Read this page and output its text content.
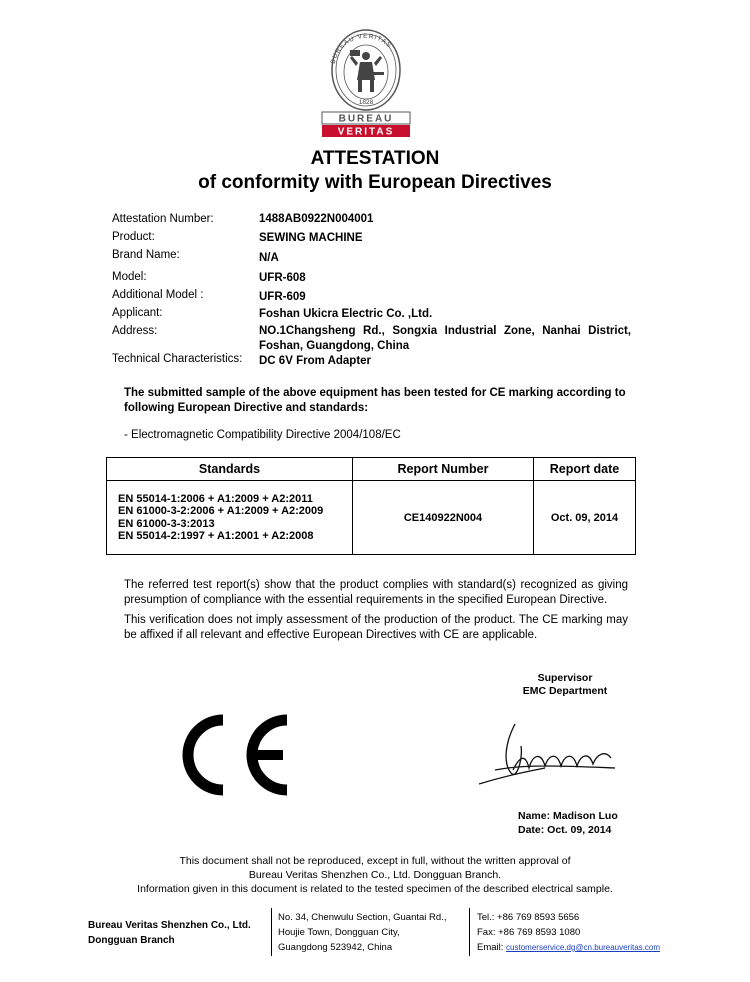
BUREAU VERITAS
1828
BUREAU
VERITAS
ATTESTATION
of conformity with European Directives
Attestation Number:	1488AB0922N004001
Product:	SEWING MACHINE
Brand Name:	N/A
Model:	UFR-608
Additional Model :	UFR-609
Applicant:	Foshan Ukicra Electric Co. ,Ltd.
Address:	NO.1Changsheng Rd., Songxia Industrial Zone, Nanhai District, Foshan, Guangdong, China
Technical Characteristics: DC 6V From Adapter
The submitted sample of the above equipment has been tested for CE marking according to following European Directive and standards:
- Electromagnetic Compatibility Directive 2004/108/EC
Standards	Report Number	Report date

EN 55014-1:2006 + A1:2009 + A2:2011
EN 61000-3-2:2006 + A1:2009 + A2:2009
EN 61000-3-3:2013
EN 55014-2:1997 + A1:2001 + A2:2008	CE140922N004	Oct. 09, 2014
The referred test report(s) show that the product complies with standard(s) recognized as giving presumption of compliance with the essential requirements in the specified European Directive.
This verification does not imply assessment of the production of the product. The CE marking may be affixed if all relevant and effective European Directives with CE are applicable.
Supervisor
EMC Department
Name: Madison Luo
Date: Oct. 09, 2014
This document shall not be reproduced, except in full, without the written approval of
Bureau Veritas Shenzhen Co., Ltd. Dongguan Branch.
Information given in this document is related to the tested specimen of the described electrical sample.
Bureau Veritas Shenzhen Co., Ltd.
Dongguan Branch
No. 34, Chenwulu Section, Guantai Rd.,
Houjie Town, Dongguan City,
Guangdong 523942, China
Tel.: +86 769 8593 5656
Fax: +86 769 8593 1080
Email: customerservice.dg@cn.bureauveritas.com
